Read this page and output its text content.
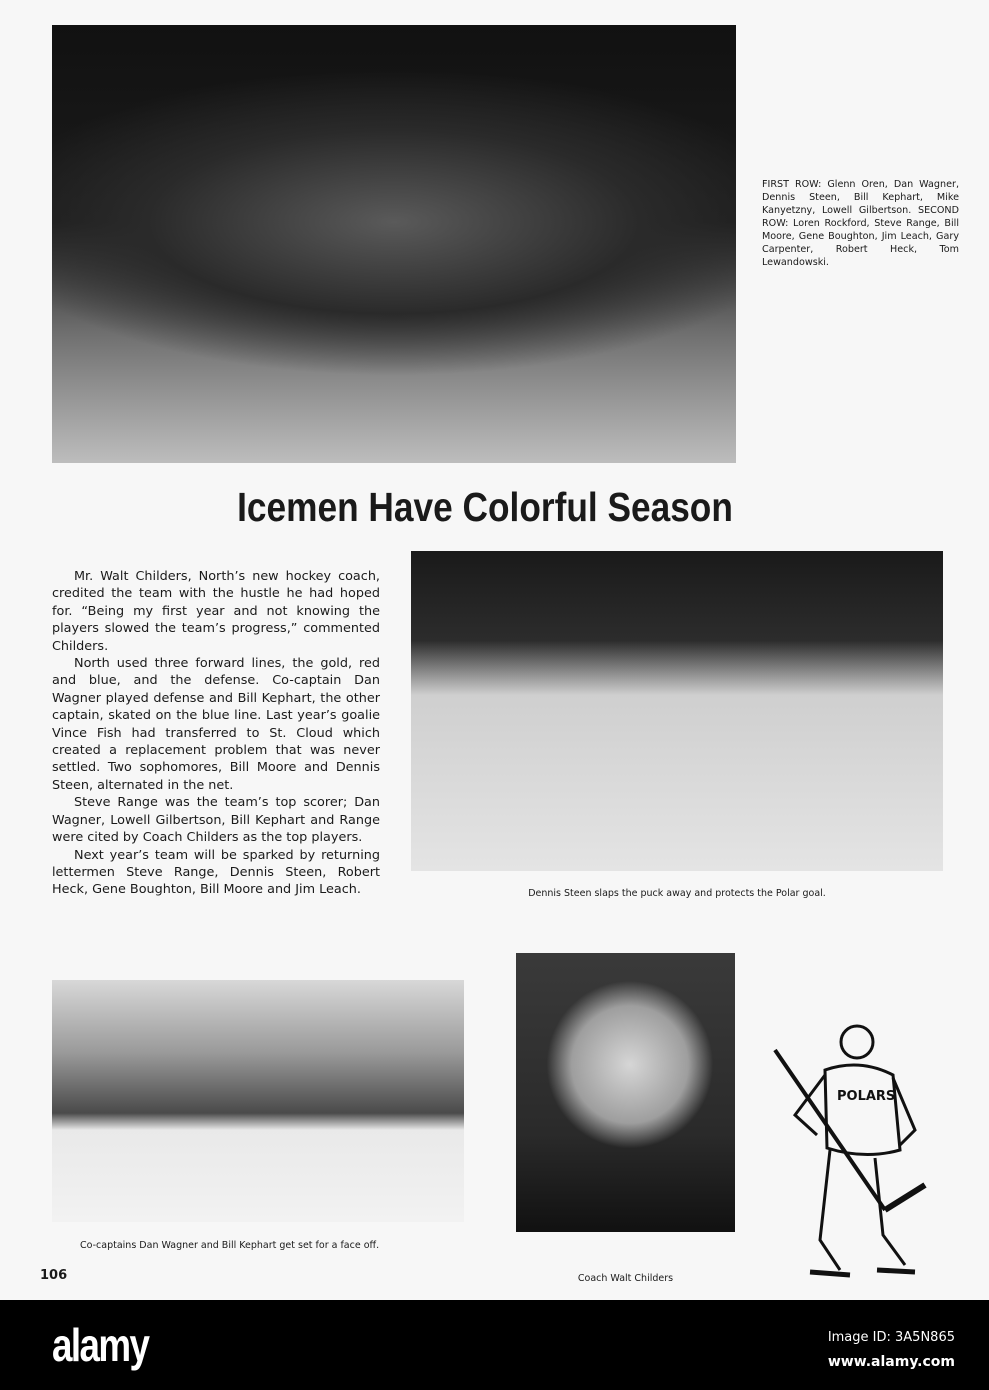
FIRST ROW: Glenn Oren, Dan Wagner, Dennis Steen, Bill Kephart, Mike Kanyetzny, Lowell Gilbertson. SECOND ROW: Loren Rockford, Steve Range, Bill Moore, Gene Boughton, Jim Leach, Gary Carpenter, Robert Heck, Tom Lewandowski.
Icemen Have Colorful Season

Mr. Walt Childers, North’s new hockey coach, credited the team with the hustle he had hoped for. “Being my first year and not knowing the players slowed the team’s progress,” commented Childers.

North used three forward lines, the gold, red and blue, and the defense. Co-captain Dan Wagner played defense and Bill Kephart, the other captain, skated on the blue line. Last year’s goalie Vince Fish had transferred to St. Cloud which created a replacement problem that was never settled. Two sophomores, Bill Moore and Dennis Steen, alternated in the net.

Steve Range was the team’s top scorer; Dan Wagner, Lowell Gilbertson, Bill Kephart and Range were cited by Coach Childers as the top players.

Next year’s team will be sparked by returning lettermen Steve Range, Dennis Steen, Robert Heck, Gene Boughton, Bill Moore and Jim Leach.	Dennis Steen slaps the puck away and protects the Polar goal.
Co-captains Dan Wagner and Bill Kephart get set for a face off.
Coach Walt Childers
POLARS
106
alamy	Image ID: 3A5N865
www.alamy.com
